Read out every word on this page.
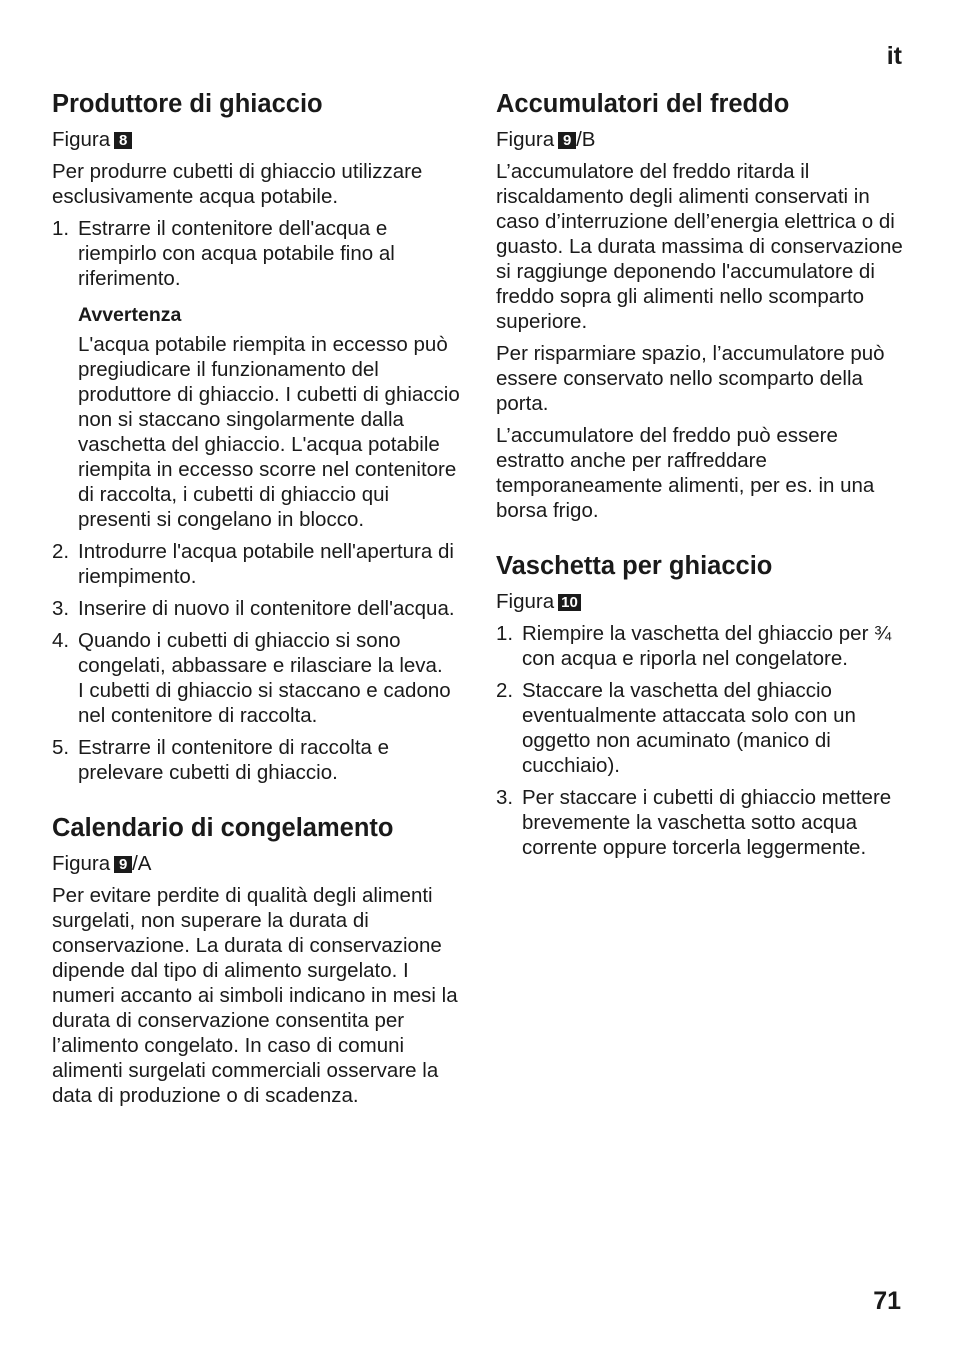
it
Produttore di ghiaccio
Figura 8

Per produrre cubetti di ghiaccio utilizzare esclusivamente acqua potabile.

1. Estrarre il contenitore dell'acqua e riempirlo con acqua potabile fino al riferimento.
Avvertenza
L'acqua potabile riempita in eccesso può pregiudicare il funzionamento del produttore di ghiaccio. I cubetti di ghiaccio non si staccano singolarmente dalla vaschetta del ghiaccio. L'acqua potabile riempita in eccesso scorre nel contenitore di raccolta, i cubetti di ghiaccio qui presenti si congelano in blocco.
2. Introdurre l'acqua potabile nell'apertura di riempimento.
3. Inserire di nuovo il contenitore dell'acqua.
4. Quando i cubetti di ghiaccio si sono congelati, abbassare e rilasciare la leva.
I cubetti di ghiaccio si staccano e cadono nel contenitore di raccolta.
5. Estrarre il contenitore di raccolta e prelevare cubetti di ghiaccio.
Calendario di congelamento
Figura 9 /A

Per evitare perdite di qualità degli alimenti surgelati, non superare la durata di conservazione. La durata di conservazione dipende dal tipo di alimento surgelato. I numeri accanto ai simboli indicano in mesi la durata di conservazione consentita per l’alimento congelato. In caso di comuni alimenti surgelati commerciali osservare la data di produzione o di scadenza.

Accumulatori del freddo
Figura 9 /B

L’accumulatore del freddo ritarda il riscaldamento degli alimenti conservati in caso d’interruzione dell’energia elettrica o di guasto. La durata massima di conservazione si raggiunge deponendo l'accumulatore di freddo sopra gli alimenti nello scomparto superiore.

Per risparmiare spazio, l’accumulatore può essere conservato nello scomparto della porta.

L’accumulatore del freddo può essere estratto anche per raffreddare temporaneamente alimenti, per es. in una borsa frigo.

Vaschetta per ghiaccio
Figura 10
1. Riempire la vaschetta del ghiaccio per ¾ con acqua e riporla nel congelatore.
2. Staccare la vaschetta del ghiaccio eventualmente attaccata solo con un oggetto non acuminato (manico di cucchiaio).
3. Per staccare i cubetti di ghiaccio mettere brevemente la vaschetta sotto acqua corrente oppure torcerla leggermente.
71
